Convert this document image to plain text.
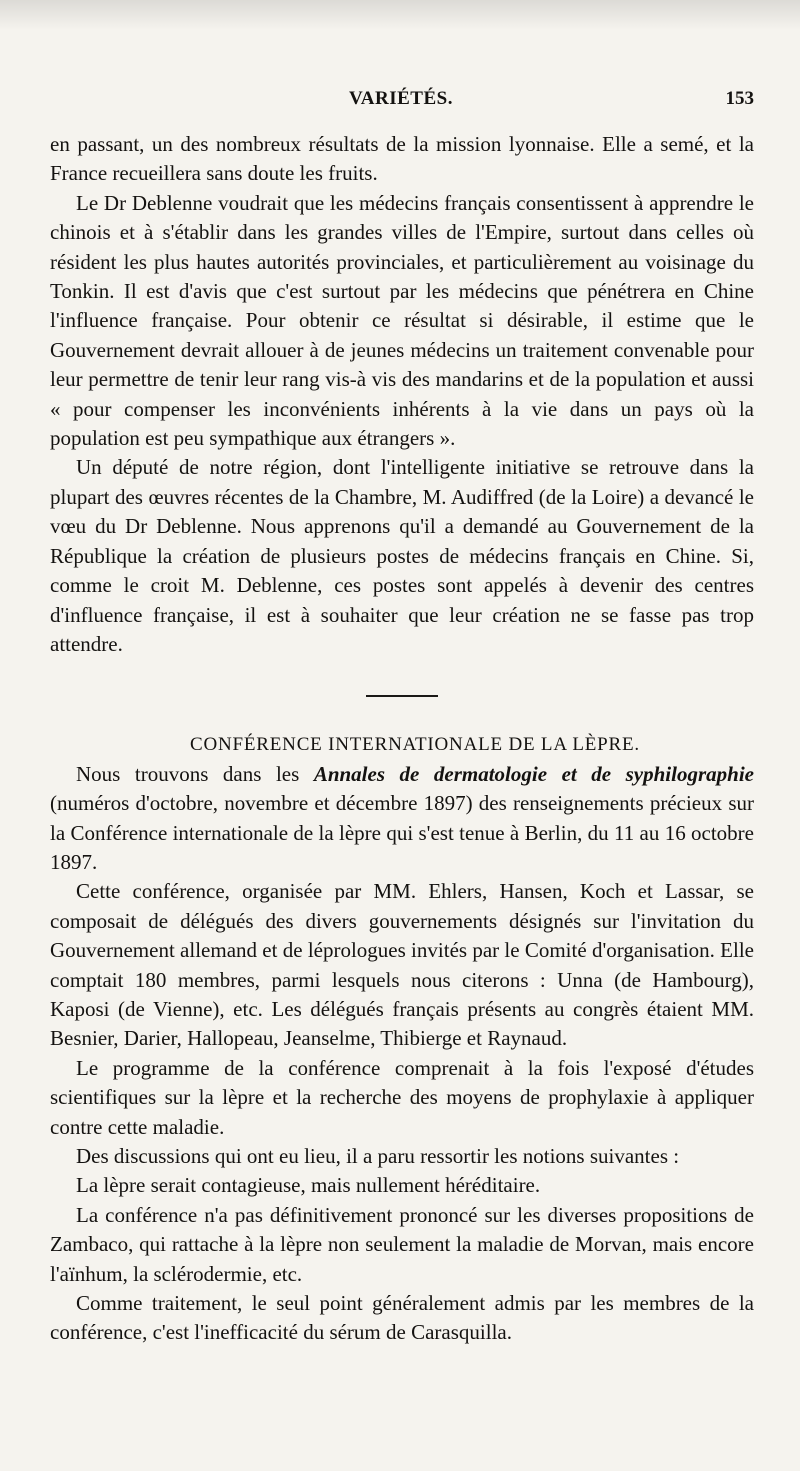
VARIÉTÉS.	153

en passant, un des nombreux résultats de la mission lyonnaise. Elle a semé, et la France recueillera sans doute les fruits.

Le Dr Deblenne voudrait que les médecins français consentissent à apprendre le chinois et à s'établir dans les grandes villes de l'Empire, surtout dans celles où résident les plus hautes autorités provinciales, et particulièrement au voisinage du Tonkin. Il est d'avis que c'est surtout par les médecins que pénétrera en Chine l'influence française. Pour obtenir ce résultat si désirable, il estime que le Gouvernement devrait allouer à de jeunes médecins un traitement convenable pour leur permettre de tenir leur rang vis-à vis des mandarins et de la population et aussi « pour compenser les inconvénients inhérents à la vie dans un pays où la population est peu sympathique aux étrangers ».

Un député de notre région, dont l'intelligente initiative se retrouve dans la plupart des œuvres récentes de la Chambre, M. Audiffred (de la Loire) a devancé le vœu du Dr Deblenne. Nous apprenons qu'il a demandé au Gouvernement de la République la création de plusieurs postes de médecins français en Chine. Si, comme le croit M. Deblenne, ces postes sont appelés à devenir des centres d'influence française, il est à souhaiter que leur création ne se fasse pas trop attendre.

CONFÉRENCE INTERNATIONALE DE LA LÈPRE.

Nous trouvons dans les Annales de dermatologie et de syphilographie (numéros d'octobre, novembre et décembre 1897) des renseignements précieux sur la Conférence internationale de la lèpre qui s'est tenue à Berlin, du 11 au 16 octobre 1897.

Cette conférence, organisée par MM. Ehlers, Hansen, Koch et Lassar, se composait de délégués des divers gouvernements désignés sur l'invitation du Gouvernement allemand et de léprologues invités par le Comité d'organisation. Elle comptait 180 membres, parmi lesquels nous citerons : Unna (de Hambourg), Kaposi (de Vienne), etc. Les délégués français présents au congrès étaient MM. Besnier, Darier, Hallopeau, Jeanselme, Thibierge et Raynaud.

Le programme de la conférence comprenait à la fois l'exposé d'études scientifiques sur la lèpre et la recherche des moyens de prophylaxie à appliquer contre cette maladie.

Des discussions qui ont eu lieu, il a paru ressortir les notions suivantes :

La lèpre serait contagieuse, mais nullement héréditaire.

La conférence n'a pas définitivement prononcé sur les diverses propositions de Zambaco, qui rattache à la lèpre non seulement la maladie de Morvan, mais encore l'aïnhum, la sclérodermie, etc.

Comme traitement, le seul point généralement admis par les membres de la conférence, c'est l'inefficacité du sérum de Carasquilla.
